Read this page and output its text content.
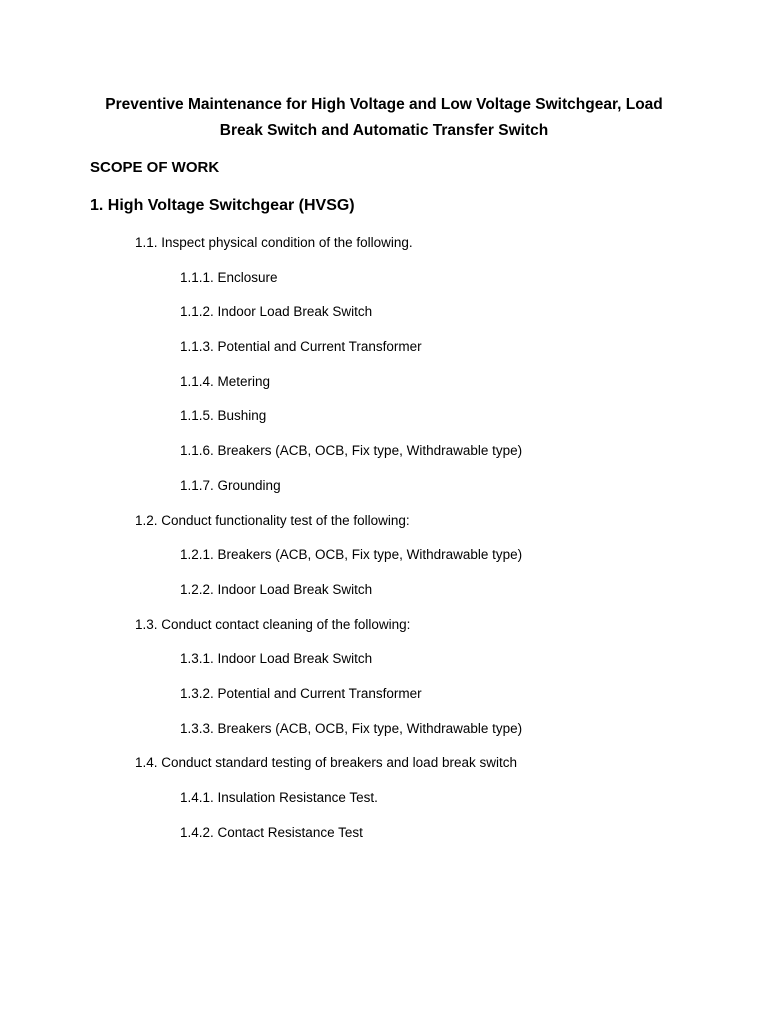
Preventive Maintenance for High Voltage and Low Voltage Switchgear, Load
Break Switch and Automatic Transfer Switch
SCOPE OF WORK
1. High Voltage Switchgear (HVSG)
1.1. Inspect physical condition of the following.
1.1.1. Enclosure
1.1.2. Indoor Load Break Switch
1.1.3. Potential and Current Transformer
1.1.4. Metering
1.1.5. Bushing
1.1.6. Breakers (ACB, OCB, Fix type, Withdrawable type)
1.1.7. Grounding
1.2. Conduct functionality test of the following:
1.2.1. Breakers (ACB, OCB, Fix type, Withdrawable type)
1.2.2. Indoor Load Break Switch
1.3. Conduct contact cleaning of the following:
1.3.1. Indoor Load Break Switch
1.3.2. Potential and Current Transformer
1.3.3. Breakers (ACB, OCB, Fix type, Withdrawable type)
1.4. Conduct standard testing of breakers and load break switch
1.4.1. Insulation Resistance Test.
1.4.2. Contact Resistance Test
